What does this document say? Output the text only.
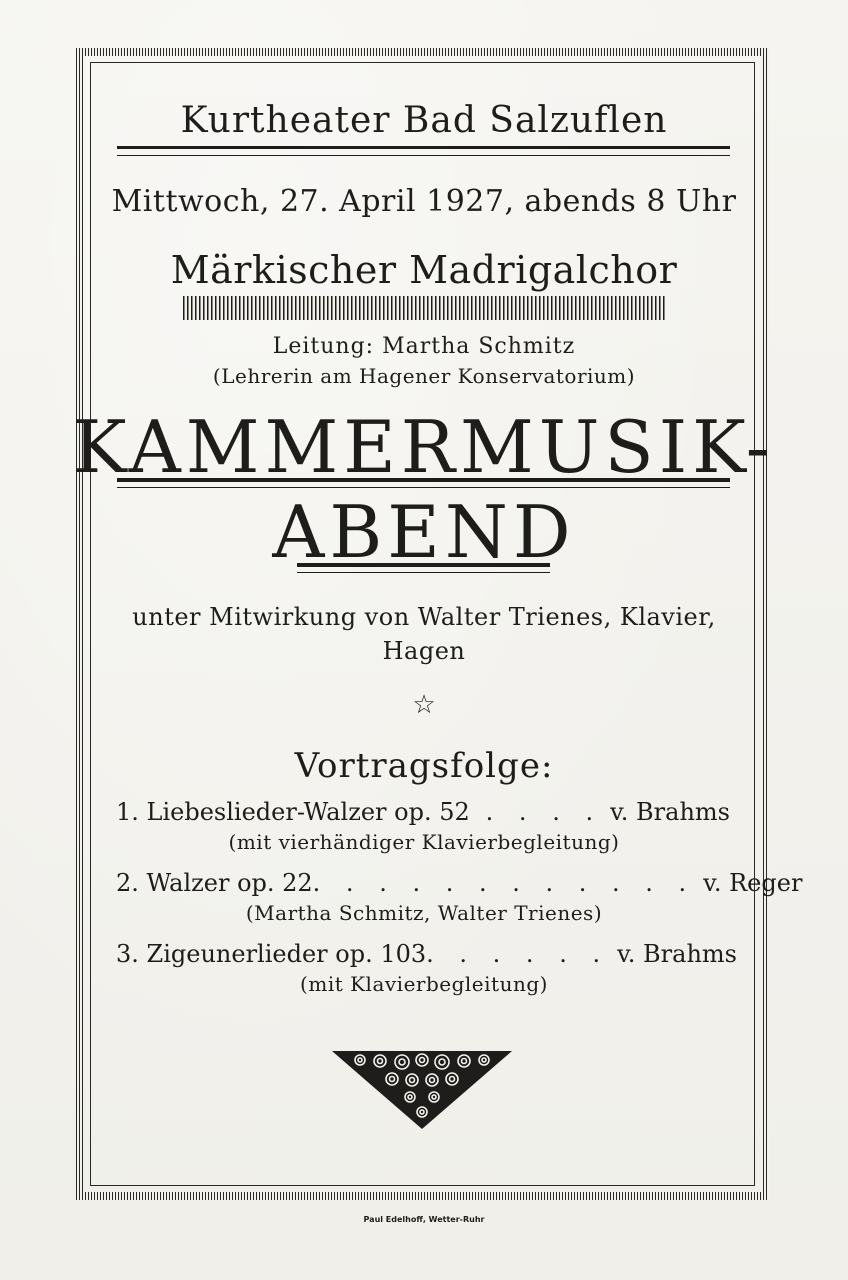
Kurtheater Bad Salzuflen
Mittwoch, 27. April 1927, abends 8 Uhr
Märkischer Madrigalchor
Leitung: Martha Schmitz
(Lehrerin am Hagener Konservatorium)
KAMMERMUSIK-
ABEND
unter Mitwirkung von Walter Trienes, Klavier,
Hagen
☆
Vortragsfolge:
1. Liebeslieder-Walzer op. 52 . . . . v. Brahms
(mit vierhändiger Klavierbegleitung)
2. Walzer op. 22 . . . . . . . . . . . . v. Reger
(Martha Schmitz, Walter Trienes)
3. Zigeunerlieder op. 103 . . . . . . v. Brahms
(mit Klavierbegleitung)
Paul Edelhoff, Wetter-Ruhr
